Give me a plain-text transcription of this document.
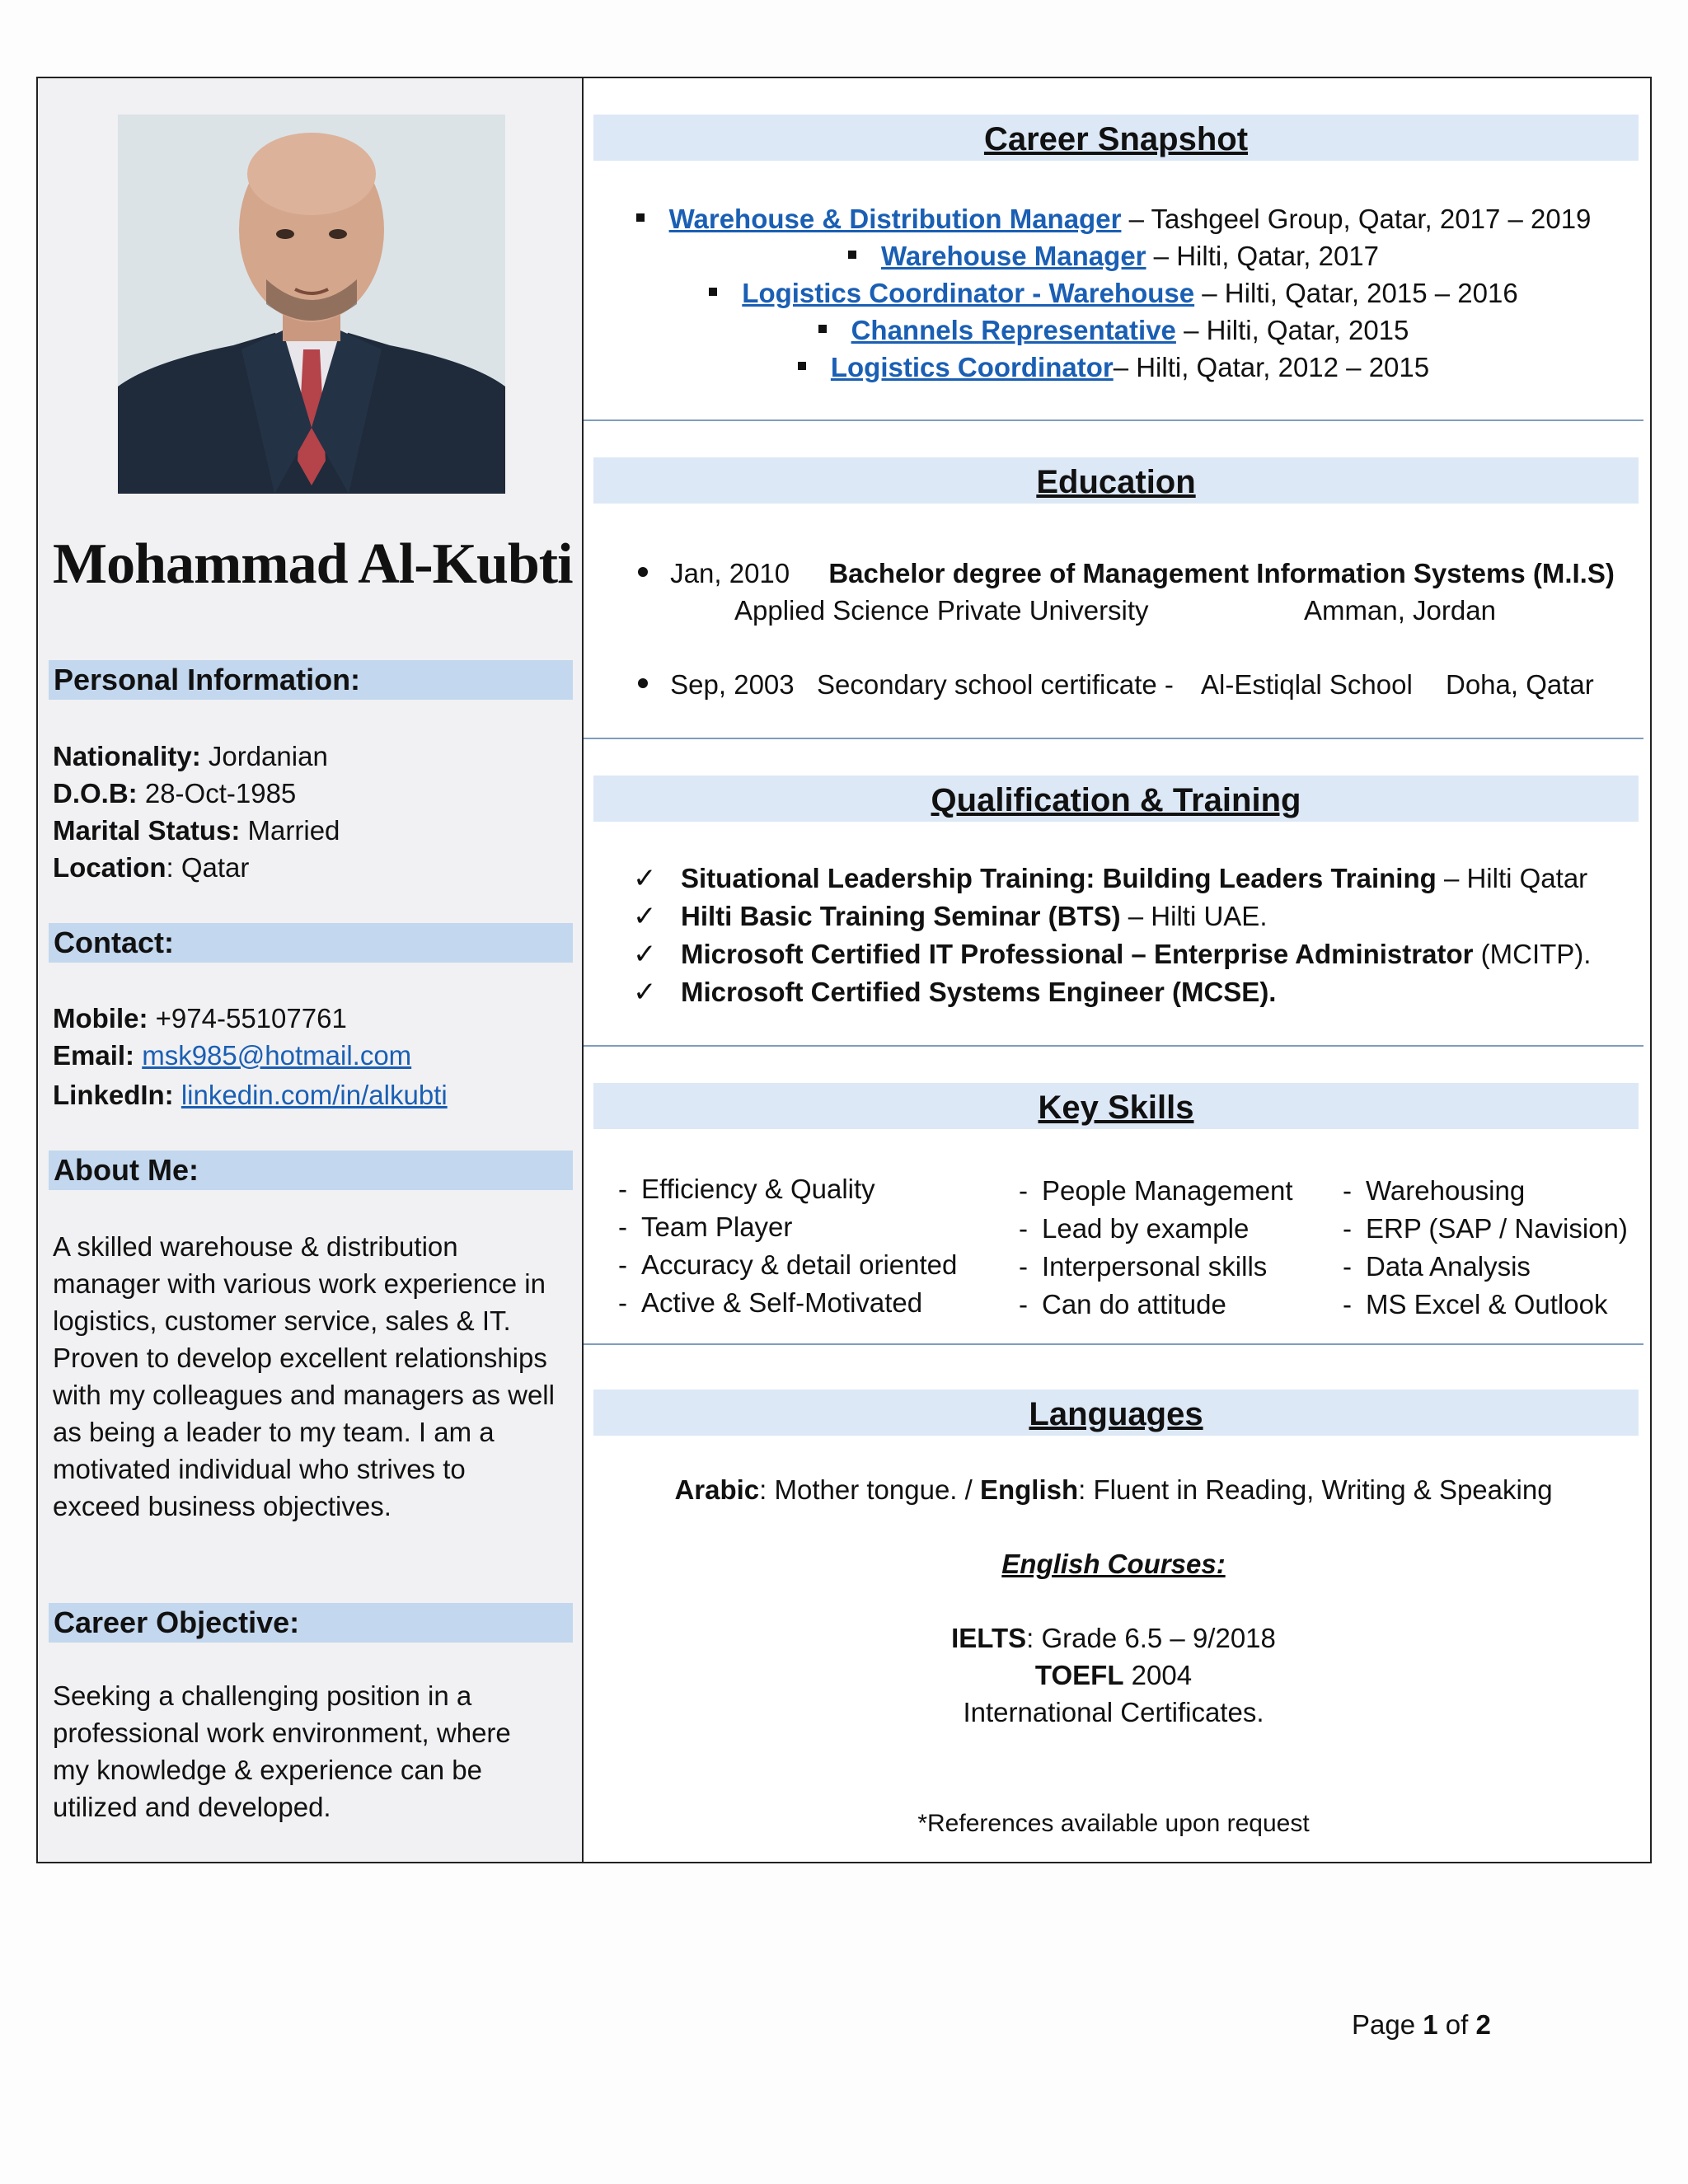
Mohammad Al-Kubti
Personal Information:
Nationality: Jordanian
D.O.B: 28-Oct-1985
Marital Status: Married
Location: Qatar
Contact:
Mobile: +974-55107761
Email: msk985@hotmail.com
LinkedIn: linkedin.com/in/alkubti
About Me:
A skilled warehouse & distribution
manager with various work experience in
logistics, customer service, sales & IT.
Proven to develop excellent relationships
with my colleagues and managers as well
as being a leader to my team. I am a
motivated individual who strives to
exceed business objectives.
Career Objective:
Seeking a challenging position in a
professional work environment, where
my knowledge & experience can be
utilized and developed.
Career Snapshot
Warehouse & Distribution Manager – Tashgeel Group, Qatar, 2017 – 2019
Warehouse Manager – Hilti, Qatar, 2017
Logistics Coordinator - Warehouse – Hilti, Qatar, 2015 – 2016
Channels Representative – Hilti, Qatar, 2015
Logistics Coordinator– Hilti, Qatar, 2012 – 2015
Education
Jan, 2010 Bachelor degree of Management Information Systems (M.I.S)
Applied Science Private University	Amman, Jordan
Sep, 2003 Secondary school certificate - Al-Estiqlal School Doha, Qatar
Qualification & Training
✓ Situational Leadership Training: Building Leaders Training – Hilti Qatar
✓ Hilti Basic Training Seminar (BTS) – Hilti UAE.
✓ Microsoft Certified IT Professional – Enterprise Administrator (MCITP).
✓ Microsoft Certified Systems Engineer (MCSE).
Key Skills
- Efficiency & Quality
- Team Player
- Accuracy & detail oriented
- Active & Self-Motivated
- People Management
- Lead by example
- Interpersonal skills
- Can do attitude
- Warehousing
- ERP (SAP / Navision)
- Data Analysis
- MS Excel & Outlook
Languages
Arabic: Mother tongue. / English: Fluent in Reading, Writing & Speaking
English Courses:
IELTS: Grade 6.5 – 9/2018
TOEFL 2004
International Certificates.
*References available upon request
Page 1 of 2
